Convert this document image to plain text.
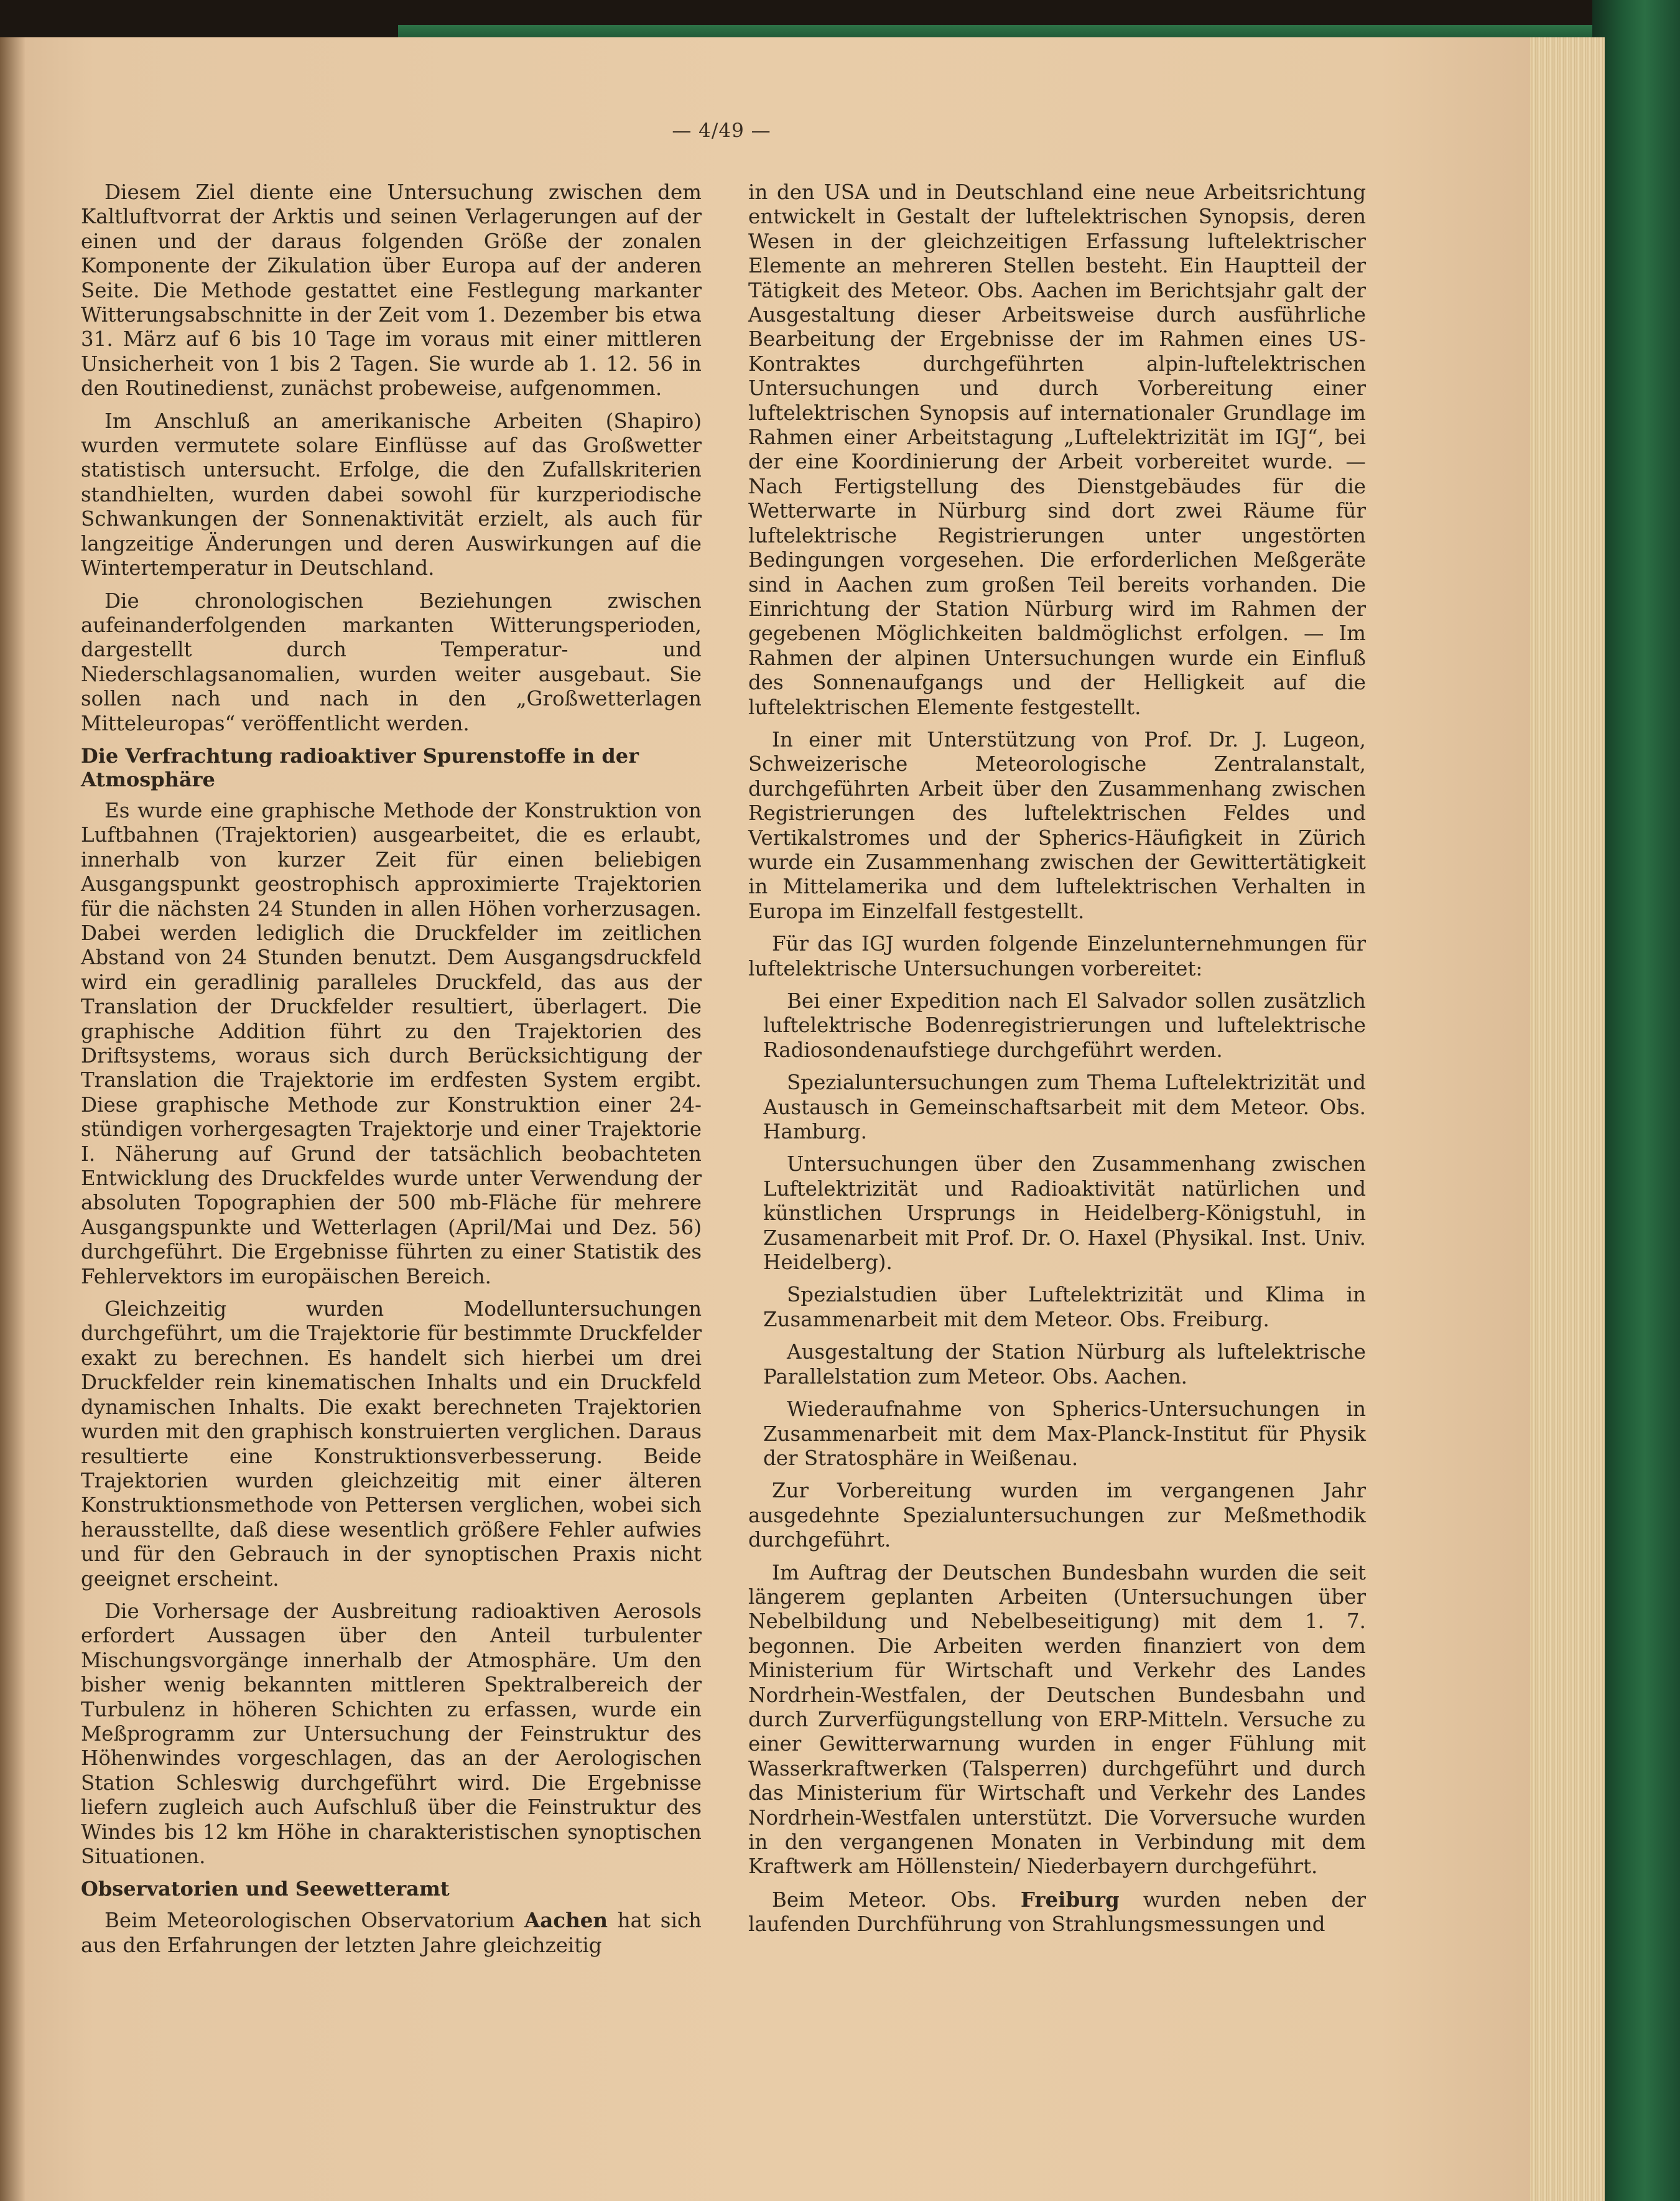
— 4/49 —

Diesem Ziel diente eine Untersuchung zwischen dem Kaltluftvorrat der Arktis und seinen Verlagerungen auf der einen und der daraus folgenden Größe der zonalen Komponente der Zikulation über Europa auf der anderen Seite. Die Methode gestattet eine Festlegung markanter Witterungsabschnitte in der Zeit vom 1. Dezember bis etwa 31. März auf 6 bis 10 Tage im voraus mit einer mittleren Unsicherheit von 1 bis 2 Tagen. Sie wurde ab 1. 12. 56 in den Routinedienst, zunächst probeweise, aufgenommen.

Im Anschluß an amerikanische Arbeiten (Shapiro) wurden vermutete solare Einflüsse auf das Großwetter statistisch untersucht. Erfolge, die den Zufallskriterien standhielten, wurden dabei sowohl für kurzperiodische Schwankungen der Sonnenaktivität erzielt, als auch für langzeitige Änderungen und deren Auswirkungen auf die Wintertemperatur in Deutschland.

Die chronologischen Beziehungen zwischen aufeinanderfolgenden markanten Witterungsperioden, dargestellt durch Temperatur- und Niederschlagsanomalien, wurden weiter ausgebaut. Sie sollen nach und nach in den „Großwetterlagen Mitteleuropas“ veröffentlicht werden.

Die Verfrachtung radioaktiver Spurenstoffe in der Atmosphäre

Es wurde eine graphische Methode der Konstruktion von Luftbahnen (Trajektorien) ausgearbeitet, die es erlaubt, innerhalb von kurzer Zeit für einen beliebigen Ausgangspunkt geostrophisch approximierte Trajektorien für die nächsten 24 Stunden in allen Höhen vorherzusagen. Dabei werden lediglich die Druckfelder im zeitlichen Abstand von 24 Stunden benutzt. Dem Ausgangsdruckfeld wird ein geradlinig paralleles Druckfeld, das aus der Translation der Druckfelder resultiert, überlagert. Die graphische Addition führt zu den Trajektorien des Driftsystems, woraus sich durch Berücksichtigung der Translation die Trajektorie im erdfesten System ergibt. Diese graphische Methode zur Konstruktion einer 24-stündigen vorhergesagten Trajektorje und einer Trajektorie I. Näherung auf Grund der tatsächlich beobachteten Entwicklung des Druckfeldes wurde unter Verwendung der absoluten Topographien der 500 mb-Fläche für mehrere Ausgangspunkte und Wetterlagen (April/Mai und Dez. 56) durchgeführt. Die Ergebnisse führten zu einer Statistik des Fehlervektors im europäischen Bereich.

Gleichzeitig wurden Modelluntersuchungen durchgeführt, um die Trajektorie für bestimmte Druckfelder exakt zu berechnen. Es handelt sich hierbei um drei Druckfelder rein kinematischen Inhalts und ein Druckfeld dynamischen Inhalts. Die exakt berechneten Trajektorien wurden mit den graphisch konstruierten verglichen. Daraus resultierte eine Konstruktionsverbesserung. Beide Trajektorien wurden gleichzeitig mit einer älteren Konstruktionsmethode von Pettersen verglichen, wobei sich herausstellte, daß diese wesentlich größere Fehler aufwies und für den Gebrauch in der synoptischen Praxis nicht geeignet erscheint.

Die Vorhersage der Ausbreitung radioaktiven Aerosols erfordert Aussagen über den Anteil turbulenter Mischungsvorgänge innerhalb der Atmosphäre. Um den bisher wenig bekannten mittleren Spektralbereich der Turbulenz in höheren Schichten zu erfassen, wurde ein Meßprogramm zur Untersuchung der Feinstruktur des Höhenwindes vorgeschlagen, das an der Aerologischen Station Schleswig durchgeführt wird. Die Ergebnisse liefern zugleich auch Aufschluß über die Feinstruktur des Windes bis 12 km Höhe in charakteristischen synoptischen Situationen.

Observatorien und Seewetteramt

Beim Meteorologischen Observatorium Aachen hat sich aus den Erfahrungen der letzten Jahre gleichzeitig

in den USA und in Deutschland eine neue Arbeitsrichtung entwickelt in Gestalt der luftelektrischen Synopsis, deren Wesen in der gleichzeitigen Erfassung luftelektrischer Elemente an mehreren Stellen besteht. Ein Hauptteil der Tätigkeit des Meteor. Obs. Aachen im Berichtsjahr galt der Ausgestaltung dieser Arbeitsweise durch ausführliche Bearbeitung der Ergebnisse der im Rahmen eines US-Kontraktes durchgeführten alpin-luftelektrischen Untersuchungen und durch Vorbereitung einer luftelektrischen Synopsis auf internationaler Grundlage im Rahmen einer Arbeitstagung „Luftelektrizität im IGJ“, bei der eine Koordinierung der Arbeit vorbereitet wurde. — Nach Fertigstellung des Dienstgebäudes für die Wetterwarte in Nürburg sind dort zwei Räume für luftelektrische Registrierungen unter ungestörten Bedingungen vorgesehen. Die erforderlichen Meßgeräte sind in Aachen zum großen Teil bereits vorhanden. Die Einrichtung der Station Nürburg wird im Rahmen der gegebenen Möglichkeiten baldmöglichst erfolgen. — Im Rahmen der alpinen Untersuchungen wurde ein Einfluß des Sonnenaufgangs und der Helligkeit auf die luftelektrischen Elemente festgestellt.

In einer mit Unterstützung von Prof. Dr. J. Lugeon, Schweizerische Meteorologische Zentralanstalt, durchgeführten Arbeit über den Zusammenhang zwischen Registrierungen des luftelektrischen Feldes und Vertikalstromes und der Spherics-Häufigkeit in Zürich wurde ein Zusammenhang zwischen der Gewittertätigkeit in Mittelamerika und dem luftelektrischen Verhalten in Europa im Einzelfall festgestellt.

Für das IGJ wurden folgende Einzelunternehmungen für luftelektrische Untersuchungen vorbereitet:

Bei einer Expedition nach El Salvador sollen zusätzlich luftelektrische Bodenregistrierungen und luftelektrische Radiosondenaufstiege durchgeführt werden.

Spezialuntersuchungen zum Thema Luftelektrizität und Austausch in Gemeinschaftsarbeit mit dem Meteor. Obs. Hamburg.

Untersuchungen über den Zusammenhang zwischen Luftelektrizität und Radioaktivität natürlichen und künstlichen Ursprungs in Heidelberg-Königstuhl, in Zusamenarbeit mit Prof. Dr. O. Haxel (Physikal. Inst. Univ. Heidelberg).

Spezialstudien über Luftelektrizität und Klima in Zusammenarbeit mit dem Meteor. Obs. Freiburg.

Ausgestaltung der Station Nürburg als luftelektrische Parallelstation zum Meteor. Obs. Aachen.

Wiederaufnahme von Spherics-Untersuchungen in Zusammenarbeit mit dem Max-Planck-Institut für Physik der Stratosphäre in Weißenau.

Zur Vorbereitung wurden im vergangenen Jahr ausgedehnte Spezialuntersuchungen zur Meßmethodik durchgeführt.

Im Auftrag der Deutschen Bundesbahn wurden die seit längerem geplanten Arbeiten (Untersuchungen über Nebelbildung und Nebelbeseitigung) mit dem 1. 7. begonnen. Die Arbeiten werden finanziert von dem Ministerium für Wirtschaft und Verkehr des Landes Nordrhein-Westfalen, der Deutschen Bundesbahn und durch Zurverfügungstellung von ERP-Mitteln. Versuche zu einer Gewitterwarnung wurden in enger Fühlung mit Wasserkraftwerken (Talsperren) durchgeführt und durch das Ministerium für Wirtschaft und Verkehr des Landes Nordrhein-Westfalen unterstützt. Die Vorversuche wurden in den vergangenen Monaten in Verbindung mit dem Kraftwerk am Höllenstein/ Niederbayern durchgeführt.

Beim Meteor. Obs. Freiburg wurden neben der laufenden Durchführung von Strahlungsmessungen und
